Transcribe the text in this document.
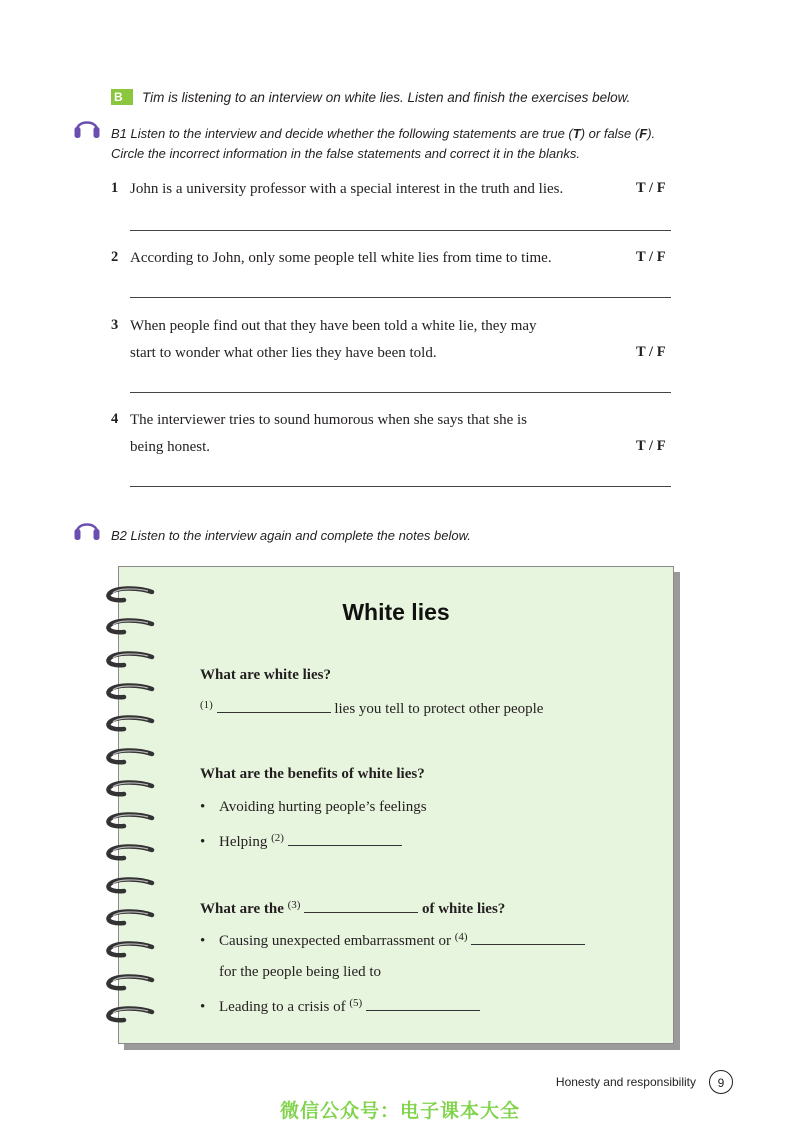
B	Tim is listening to an interview on white lies. Listen and finish the exercises below.
B1 Listen to the interview and decide whether the following statements are true (T) or false (F).
Circle the incorrect information in the false statements and correct it in the blanks.
1 John is a university professor with a special interest in the truth and lies.	T / F
2 According to John, only some people tell white lies from time to time.	T / F
3 When people find out that they have been told a white lie, they may
start to wonder what other lies they have been told.	T / F
4 The interviewer tries to sound humorous when she says that she is
being honest.	T / F
B2 Listen to the interview again and complete the notes below.
White lies
What are white lies?
$^{(1)}$	lies you tell to protect other people
What are the benefits of white lies?
• Avoiding hurting people’s feelings
• Helping $^{(2)}$
What are the $^{(3)}$	of white lies?
• Causing unexpected embarrassment or $^{(4)}$
for the people being lied to
• Leading to a crisis of $^{(5)}$
Honesty and responsibility	9
微信公众号：电子课本大全
